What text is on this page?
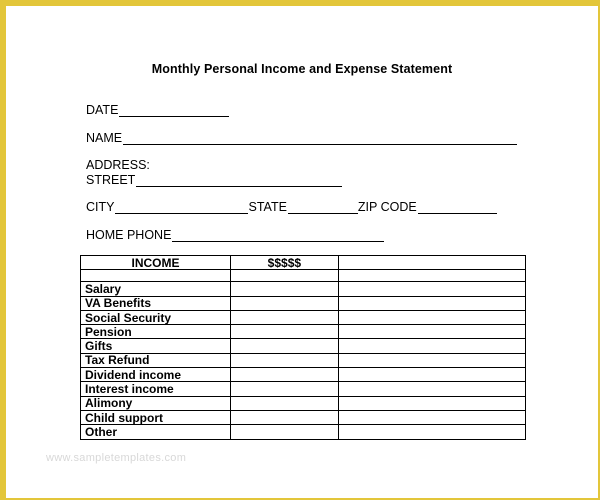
Monthly Personal Income and Expense Statement
DATE
NAME
ADDRESS:
STREET
CITY	STATE	ZIP CODE
HOME PHONE
INCOME	$$$$$	

Salary		
VA Benefits		
Social Security		
Pension		
Gifts		
Tax Refund		
Dividend income		
Interest income		
Alimony		
Child support		
Other		
www.sampletemplates.com
